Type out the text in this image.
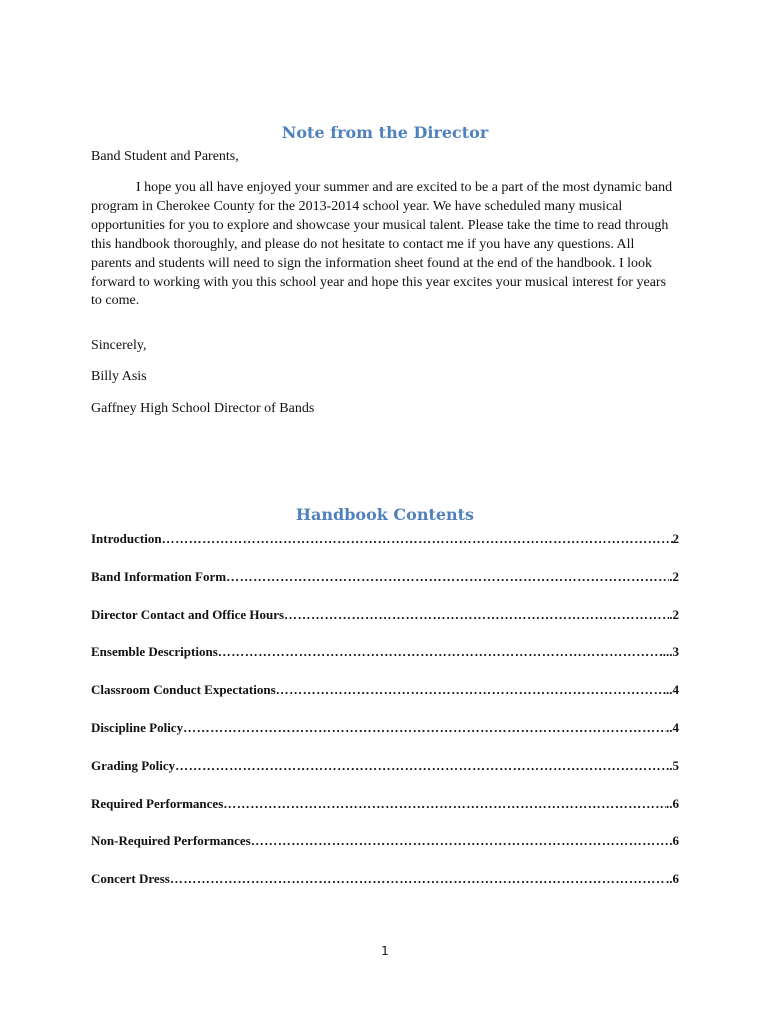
Note from the Director

Band Student and Parents,

I hope you all have enjoyed your summer and are excited to be a part of the most dynamic band program in Cherokee County for the 2013-2014 school year. We have scheduled many musical opportunities for you to explore and showcase your musical talent. Please take the time to read through this handbook thoroughly, and please do not hesitate to contact me if you have any questions. All parents and students will need to sign the information sheet found at the end of the handbook. I look forward to working with you this school year and hope this year excites your musical interest for years to come.

Sincerely,

Billy Asis

Gaffney High School Director of Bands

Handbook Contents
Introduction …………………………………………………………………………………………………………………………………………………………………	2
Band Information Form …………………………………………………………………………………………………………………………………………………………………	.2
Director Contact and Office Hours …………………………………………………………………………………………………………………………………………………………………	.2
Ensemble Descriptions …………………………………………………………………………………………………………………………………………………………………	....3
Classroom Conduct Expectations …………………………………………………………………………………………………………………………………………………………………	..4
Discipline Policy …………………………………………………………………………………………………………………………………………………………………	..4
Grading Policy …………………………………………………………………………………………………………………………………………………………………	.5
Required Performances …………………………………………………………………………………………………………………………………………………………………	..6
Non-Required Performances …………………………………………………………………………………………………………………………………………………………………	.6
Concert Dress …………………………………………………………………………………………………………………………………………………………………	..6

1
